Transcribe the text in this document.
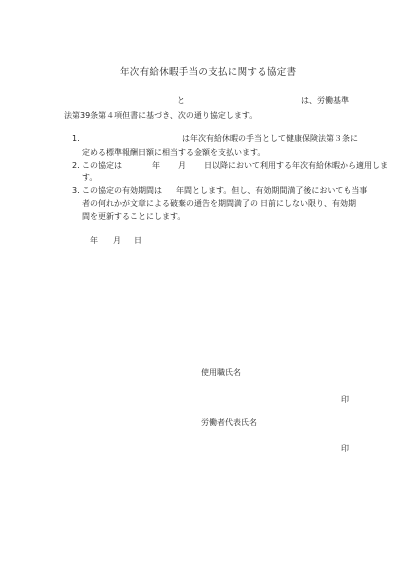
年次有給休暇手当の支払に関する協定書
と	は、労働基準
法第39条第４項但書に基づき、次の通り協定します。
1.	は年次有給休暇の手当として健康保険法第３条に
定める標準報酬日額に相当する金額を支払います。
2. この協定は	年 月 日以降において利用する年次有給休暇から適用しま
す。
3. この協定の有効期間は 年間とします。但し、有効期間満了後においても当事
者の何れかが文章による破棄の通告を期間満了の 日前にしない限り、有効期
間を更新することにします。
年 月 日
使用職氏名
印
労働者代表氏名
印
